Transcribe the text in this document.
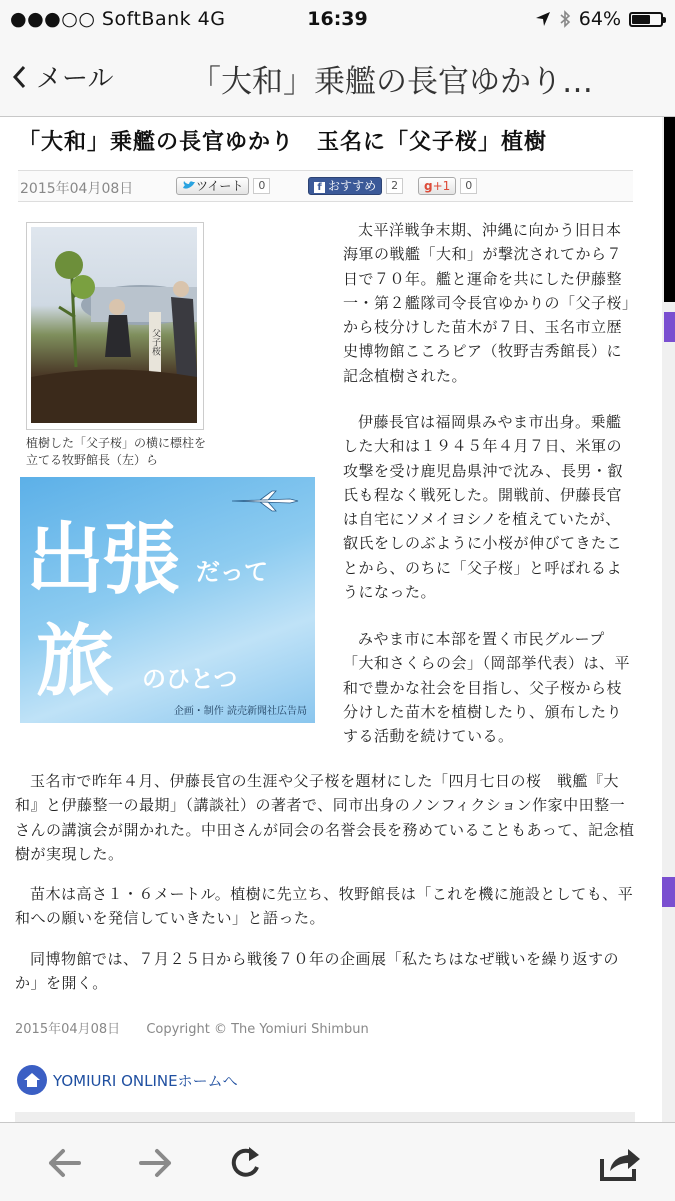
●●●○○ SoftBank 4G	16:39	64%
メール 「大和」乗艦の長官ゆかり…
「大和」乗艦の長官ゆかり　玉名に「父子桜」植樹
2015年04月08日	ツイート	0	f おすすめ	2	g+1	0
父子桜
植樹した「父子桜」の横に標柱を立てる牧野館長（左）ら
出張 だって
旅 のひとつ
企画・制作 読売新聞社広告局

太平洋戦争末期、沖縄に向かう旧日本海軍の戦艦「大和」が撃沈されてから７日で７０年。艦と運命を共にした伊藤整一・第２艦隊司令長官ゆかりの「父子桜」から枝分けした苗木が７日、玉名市立歴史博物館こころピア（牧野吉秀館長）に記念植樹された。

伊藤長官は福岡県みやま市出身。乗艦した大和は１９４５年４月７日、米軍の攻撃を受け鹿児島県沖で沈み、長男・叡氏も程なく戦死した。開戦前、伊藤長官は自宅にソメイヨシノを植えていたが、叡氏をしのぶように小桜が伸びてきたことから、のちに「父子桜」と呼ばれるようになった。

みやま市に本部を置く市民グループ「大和さくらの会」（岡部挙代表）は、平和で豊かな社会を目指し、父子桜から枝分けした苗木を植樹したり、頒布したりする活動を続けている。

玉名市で昨年４月、伊藤長官の生涯や父子桜を題材にした「四月七日の桜　戦艦『大和』と伊藤整一の最期」（講談社）の著者で、同市出身のノンフィクション作家中田整一さんの講演会が開かれた。中田さんが同会の名誉会長を務めていることもあって、記念植樹が実現した。

苗木は高さ１・６メートル。植樹に先立ち、牧野館長は「これを機に施設としても、平和への願いを発信していきたい」と語った。

同博物館では、７月２５日から戦後７０年の企画展「私たちはなぜ戦いを繰り返すのか」を開く。

2015年04月08日 Copyright © The Yomiuri Shimbun
YOMIURI ONLINEホームへ
